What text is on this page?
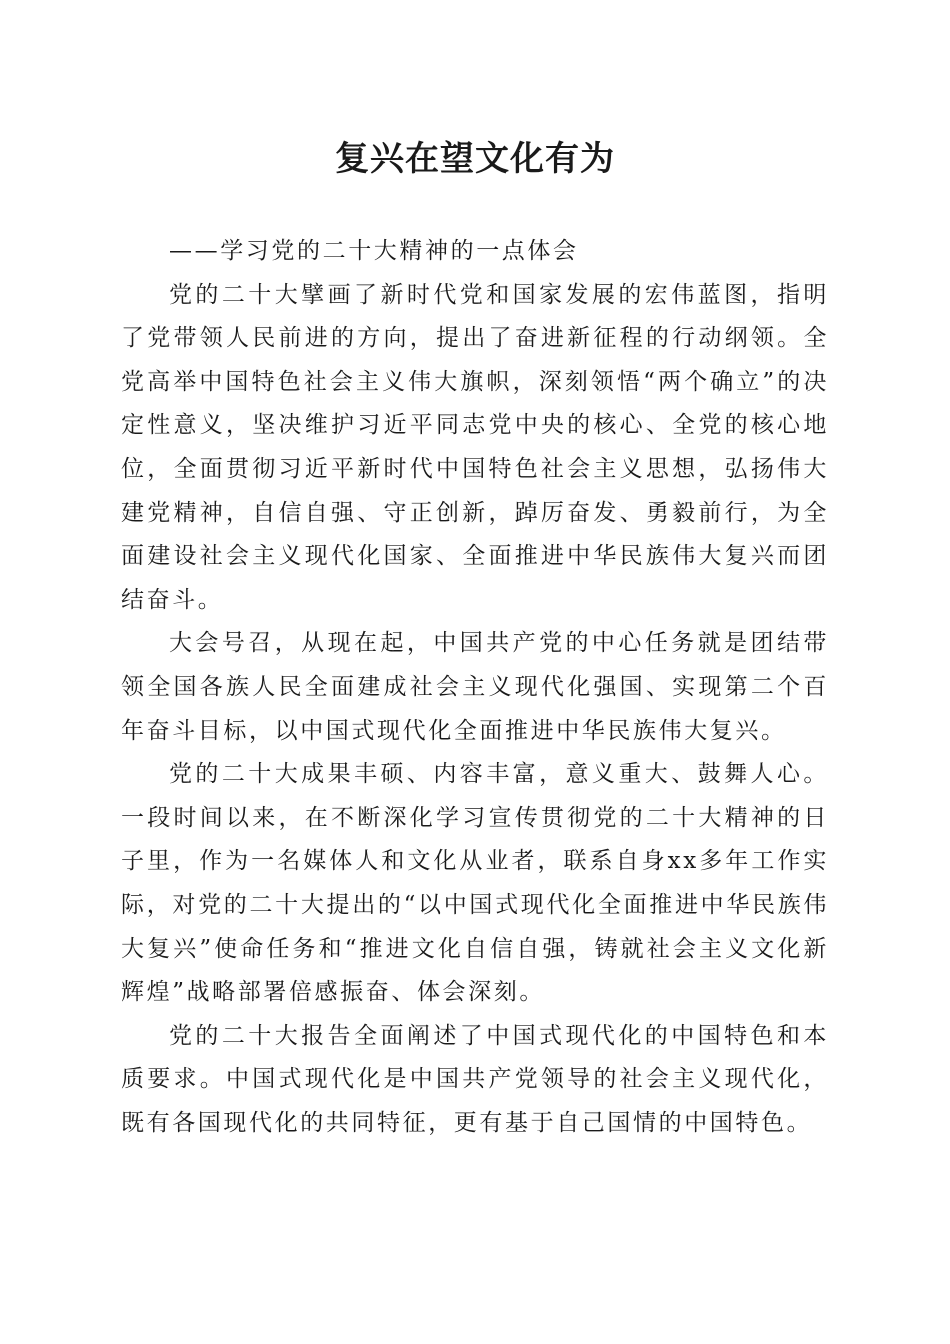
复兴在望文化有为

——学习党的二十大精神的一点体会

党的二十大擘画了新时代党和国家发展的宏伟蓝图，指明了党带领人民前进的方向，提出了奋进新征程的行动纲领。全党高举中国特色社会主义伟大旗帜，深刻领悟“两个确立”的决定性意义，坚决维护习近平同志党中央的核心、全党的核心地位，全面贯彻习近平新时代中国特色社会主义思想，弘扬伟大建党精神，自信自强、守正创新，踔厉奋发、勇毅前行，为全面建设社会主义现代化国家、全面推进中华民族伟大复兴而团结奋斗。

大会号召，从现在起，中国共产党的中心任务就是团结带领全国各族人民全面建成社会主义现代化强国、实现第二个百年奋斗目标，以中国式现代化全面推进中华民族伟大复兴。

党的二十大成果丰硕、内容丰富，意义重大、鼓舞人心。一段时间以来，在不断深化学习宣传贯彻党的二十大精神的日子里，作为一名媒体人和文化从业者，联系自身xx多年工作实际，对党的二十大提出的“以中国式现代化全面推进中华民族伟大复兴”使命任务和“推进文化自信自强，铸就社会主义文化新辉煌”战略部署倍感振奋、体会深刻。

党的二十大报告全面阐述了中国式现代化的中国特色和本质要求。中国式现代化是中国共产党领导的社会主义现代化，既有各国现代化的共同特征，更有基于自己国情的中国特色。
